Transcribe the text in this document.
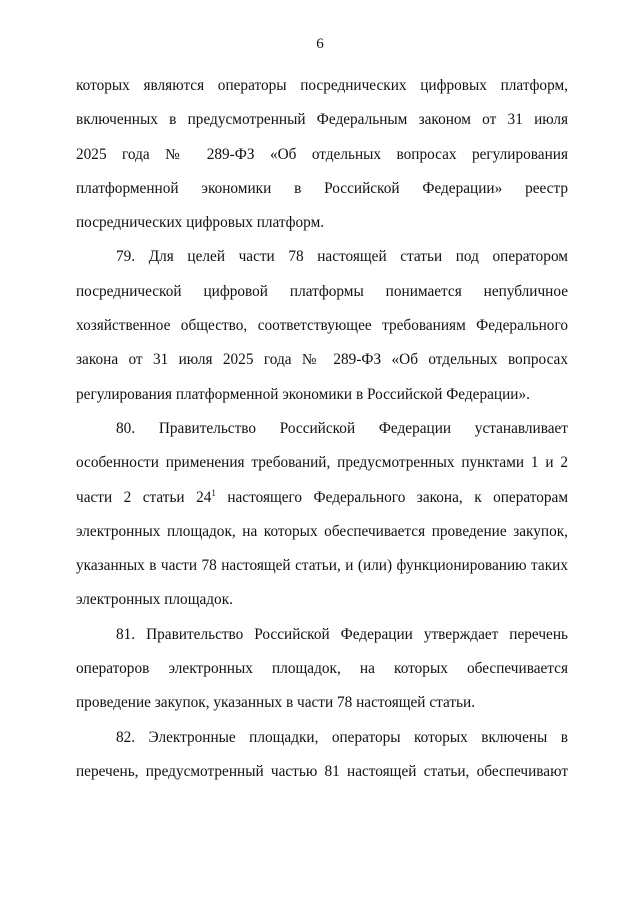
6
которых являются операторы посреднических цифровых платформ,
включенных в предусмотренный Федеральным законом от 31 июля
2025 года № 289-ФЗ «Об отдельных вопросах регулирования
платформенной экономики в Российской Федерации» реестр
посреднических цифровых платформ.
79. Для целей части 78 настоящей статьи под оператором
посреднической цифровой платформы понимается непубличное
хозяйственное общество, соответствующее требованиям Федерального
закона от 31 июля 2025 года № 289-ФЗ «Об отдельных вопросах
регулирования платформенной экономики в Российской Федерации».
80. Правительство Российской Федерации устанавливает
особенности применения требований, предусмотренных пунктами 1 и 2
части 2 статьи $24^1$ настоящего Федерального закона, к операторам
электронных площадок, на которых обеспечивается проведение закупок,
указанных в части 78 настоящей статьи, и (или) функционированию таких
электронных площадок.
81. Правительство Российской Федерации утверждает перечень
операторов электронных площадок, на которых обеспечивается
проведение закупок, указанных в части 78 настоящей статьи.
82. Электронные площадки, операторы которых включены в
перечень, предусмотренный частью 81 настоящей статьи, обеспечивают
